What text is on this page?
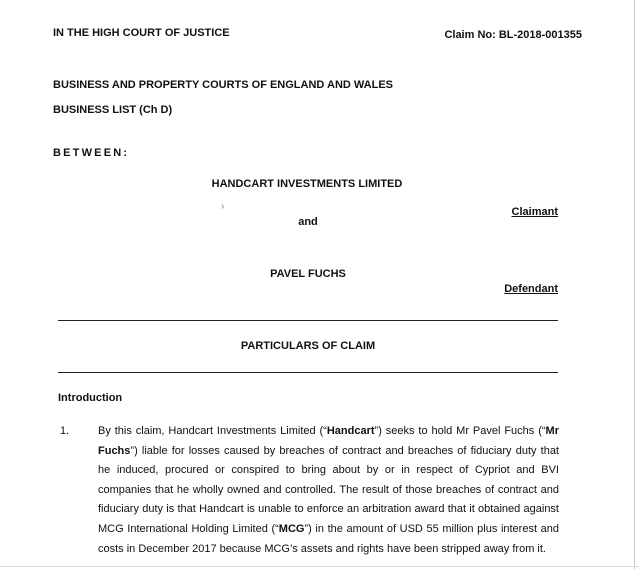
IN THE HIGH COURT OF JUSTICE	Claim No: BL-2018-001355
BUSINESS AND PROPERTY COURTS OF ENGLAND AND WALES
BUSINESS LIST (Ch D)
BETWEEN:
HANDCART INVESTMENTS LIMITED
›	Claimant
and
PAVEL FUCHS
Defendant
PARTICULARS OF CLAIM
Introduction
1.	By this claim, Handcart Investments Limited (“Handcart”) seeks to hold Mr Pavel Fuchs (“Mr Fuchs”) liable for losses caused by breaches of contract and breaches of fiduciary duty that he induced, procured or conspired to bring about by or in respect of Cypriot and BVI companies that he wholly owned and controlled. The result of those breaches of contract and fiduciary duty is that Handcart is unable to enforce an arbitration award that it obtained against MCG International Holding Limited (“MCG”) in the amount of USD 55 million plus interest and costs in December 2017 because MCG’s assets and rights have been stripped away from it.
